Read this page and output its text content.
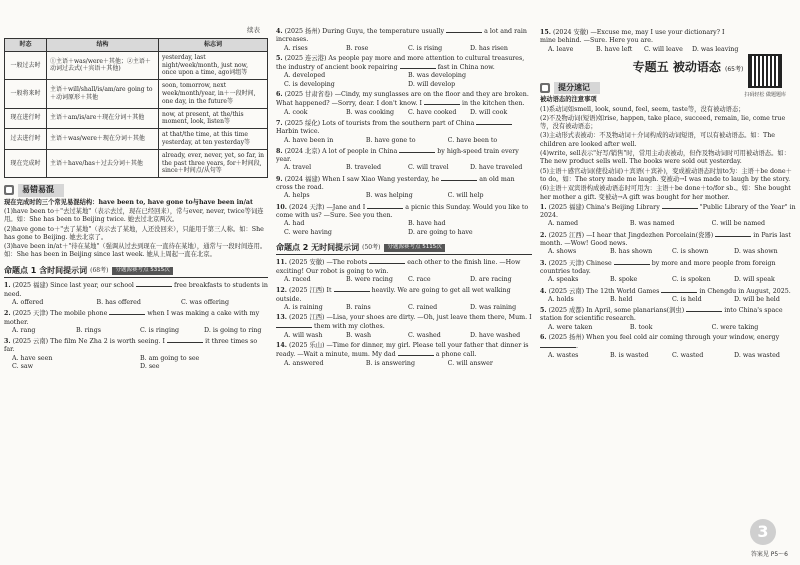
续表
时态	结构	标志词
一般过去时	①主语＋was/were＋其他；②主语＋动词过去式(＋宾语＋其他)	yesterday, last night/week/month, just now, once upon a time, ago词组等
一般将来时	主语＋will/shall/is/am/are going to＋动词原形＋其他	soon, tomorrow, next week/month/year, in＋一段时间, one day, in the future等
现在进行时	主语＋am/is/are＋现在分词＋其他	now, at present, at the/this moment, look, listen等
过去进行时	主语＋was/were＋现在分词＋其他	at that/the time, at this time yesterday, at ten yesterday等
现在完成时	主语＋have/has＋过去分词＋其他	already, ever, never, yet, so far, in the past three years, for＋时间段, since＋时间点/从句等
易错易混

现在完成时的三个常见易混结构：have been to, have gone to与have been in/at

(1)have been to＋"去过某地"（表示去过，现在已经回来），常与ever, never, twice等词连用。如：She has been to Beijing twice. 她去过北京两次。

(2)have gone to＋"去了某地"（表示去了某地，人还没回来），只能用于第三人称。如：She has gone to Beijing. 她去北京了。

(3)have been in/at＋"待在某地"（强调从过去到现在一直待在某地），通常与一段时间连用。如：She has been in Beijing since last week. 她从上周起一直在北京。

命题点 1 含时间提示词 (68考)	分题源赛考点 5315次

1. (2025 福建) Since last year, our school	free breakfasts to students in need.

A. offered	B. has offered	C. was offering

2. (2025 天津) The mobile phone	when I was making a cake with my mother.

A. rang	B. rings	C. is ringing	D. is going to ring

3. (2025 云南) The film Ne Zha 2 is worth seeing. I	it three times so far.

A. have seen	B. am going to see
C. saw	D. see

4. (2025 扬州) During Guyu, the temperature usually	a lot and rain increases.

A. rises	B. rose	C. is rising	D. has risen

5. (2025 连云港) As people pay more and more attention to cultural treasures, the industry of ancient book repairing	fast in China now.

A. developed	B. was developing
C. is developing	D. will develop

6. (2025 甘肃省卷) —Cindy, my sunglasses are on the floor and they are broken. What happened? —Sorry, dear. I don't know. I	in the kitchen then.

A. cook	B. was cooking	C. have cooked	D. will cook

7. (2025 绥化) Lots of tourists from the southern part of China  Harbin twice.

A. have been in	B. have gone to	C. have been to

8. (2024 北京) A lot of people in China	by high-speed train every year.

A. travel	B. traveled	C. will travel	D. have traveled

9. (2024 福建) When I saw Xiao Wang yesterday, he	an old man cross the road.

A. helps	B. was helping	C. will help

10. (2024 天津) —Jane and I	a picnic this Sunday. Would you like to come with us? —Sure. See you then.

A. had	B. have had
C. were having	D. are going to have
命题点 2 无时间提示词 (50考)	分题源赛考点 5115次

11. (2025 安徽) —The robots	each other to the finish line. —How exciting! Our robot is going to win.

A. raced	B. were racing	C. race	D. are racing

12. (2025 江西) It	heavily. We are going to get all wet walking outside.

A. is raining	B. rains	C. rained	D. was raining

13. (2025 江西) —Lisa, your shoes are dirty. —Oh, just leave them there, Mum. I  them with my clothes.

A. will wash	B. wash	C. washed	D. have washed

14. (2025 乐山) —Time for dinner, my girl. Please tell your father that dinner is ready. —Wait a minute, mum. My dad	a phone call.

A. answered	B. is answering	C. will answer

15. (2024 安徽) —Excuse me, may I use your dictionary? I mine behind. —Sure. Here you are.

A. leave	B. have left	C. will leave	D. was leaving
扫码轻松 做题题库
专题五 被动语态 (65考)
提分速记

被动语态的注意事项

(1)系动词如smell, look, sound, feel, seem, taste等，没有被动语态；

(2)不及物动词(短语)如rise, happen, take place, succeed, remain, lie, come true等，没有被动语态；

(3)主动形式表被动：不及物动词＋介词构成的动词短语，可以有被动语态。如：The children are looked after well.

(4)write, sell表示"好写/销售"时，常用主动表被动，但作及物动词时可用被动语态。如：The new product sells well. The books were sold out yesterday.

(5)主语＋感官动词(使役动词)＋宾语(＋宾补)，变成被动语态时加to为：主语＋be done＋to do。如：The story made me laugh. 变被动→I was made to laugh by the story.

(6)主语＋双宾语构成被动语态时可用为：主语＋be done＋to/for sb.。如：She bought her mother a gift. 变被动→A gift was bought for her mother.

1. (2025 福建) China's Beijing Library	"Public Library of the Year" in 2024.

A. named	B. was named	C. will be named

2. (2025 江西) —I hear that Jingdezhen Porcelain(瓷器)	in Paris last month. —Wow! Good news.

A. shows	B. has shown	C. is shown	D. was shown

3. (2025 天津) Chinese	by more and more people from foreign countries today.

A. speaks	B. spoke	C. is spoken	D. will speak

4. (2025 云南) The 12th World Games	in Chengdu in August, 2025.

A. holds	B. held	C. is held	D. will be held

5. (2025 成都) In April, some planarians(涡虫)	into China's space station for scientific research.

A. were taken	B. took	C. were taking

6. (2025 扬州) When you feel cold air coming through your window, energy .

A. wastes	B. is wasted	C. wasted	D. was wasted
3
答案见 P5～6
